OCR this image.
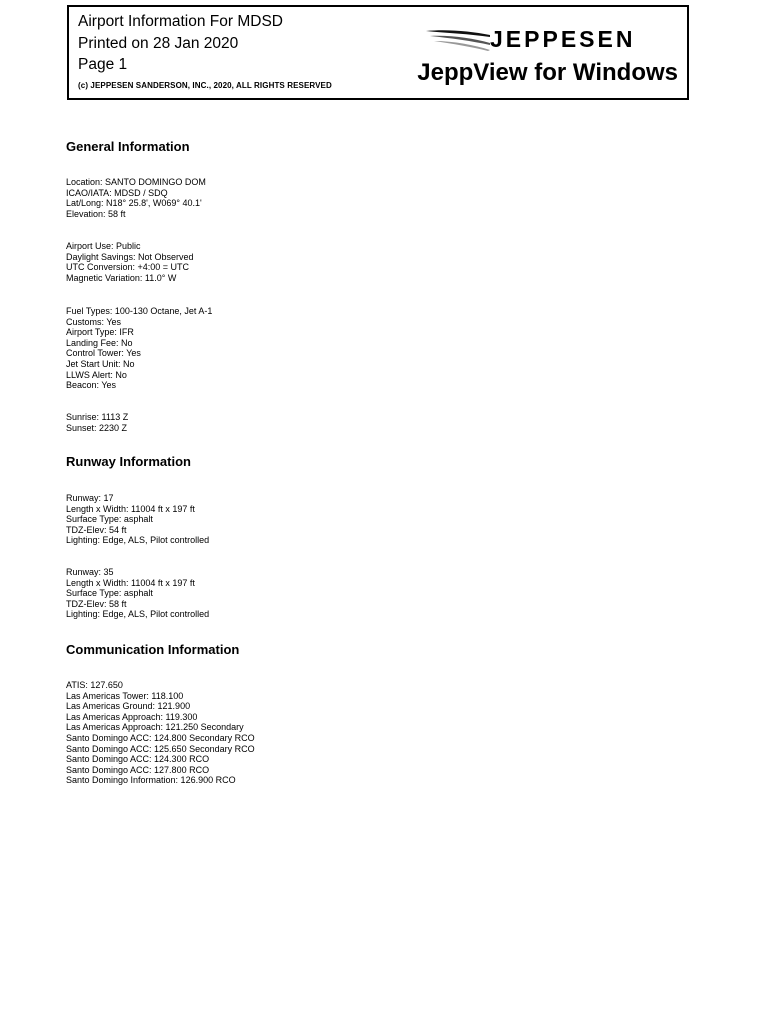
Airport Information For MDSD
Printed on 28 Jan 2020
Page 1
(c) JEPPESEN SANDERSON, INC., 2020, ALL RIGHTS RESERVED
JEPPESEN
JeppView for Windows
General Information
Location: SANTO DOMINGO DOM
ICAO/IATA: MDSD / SDQ
Lat/Long: N18° 25.8', W069° 40.1'
Elevation: 58 ft
Airport Use: Public
Daylight Savings: Not Observed
UTC Conversion: +4:00 = UTC
Magnetic Variation: 11.0° W
Fuel Types: 100-130 Octane, Jet A-1
Customs: Yes
Airport Type: IFR
Landing Fee: No
Control Tower: Yes
Jet Start Unit: No
LLWS Alert: No
Beacon: Yes
Sunrise: 1113 Z
Sunset: 2230 Z
Runway Information
Runway: 17
Length x Width: 11004 ft x 197 ft
Surface Type: asphalt
TDZ-Elev: 54 ft
Lighting: Edge, ALS, Pilot controlled
Runway: 35
Length x Width: 11004 ft x 197 ft
Surface Type: asphalt
TDZ-Elev: 58 ft
Lighting: Edge, ALS, Pilot controlled
Communication Information
ATIS: 127.650
Las Americas Tower: 118.100
Las Americas Ground: 121.900
Las Americas Approach: 119.300
Las Americas Approach: 121.250 Secondary
Santo Domingo ACC: 124.800 Secondary RCO
Santo Domingo ACC: 125.650 Secondary RCO
Santo Domingo ACC: 124.300 RCO
Santo Domingo ACC: 127.800 RCO
Santo Domingo Information: 126.900 RCO
